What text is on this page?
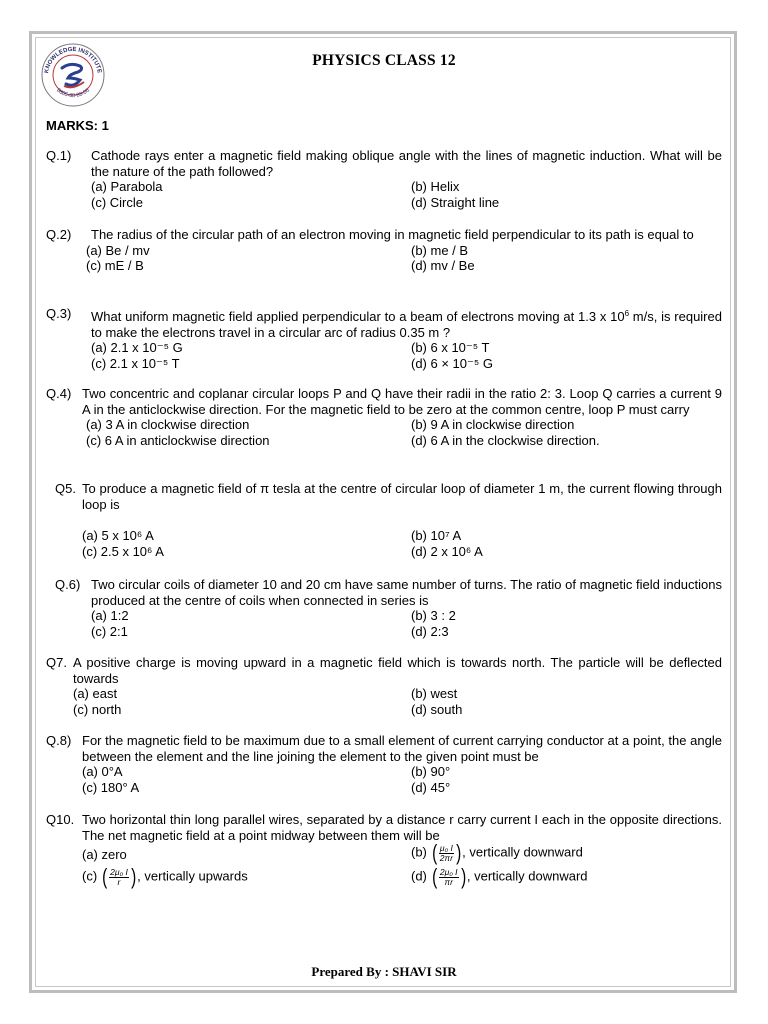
KNOWLEDGE INSTITUTE
8805-88-88-06
PHYSICS CLASS 12
MARKS: 1
Q.1) Cathode rays enter a magnetic field making oblique angle with the lines of magnetic induction. What will be the nature of the path followed?
(a) Parabola	(b) Helix
(c) Circle	(d) Straight line
Q.2) The radius of the circular path of an electron moving in magnetic field perpendicular to its path is equal to
(a) Be / mv	(b) me / B
(c) mE / B	(d) mv / Be
Q.3) What uniform magnetic field applied perpendicular to a beam of electrons moving at 1.3 x $10^6$ m/s, is required to make the electrons travel in a circular arc of radius 0.35 m ?
(a) 2.1 x 10⁻⁵ G	(b) 6 x 10⁻⁵ T
(c) 2.1 x 10⁻⁵ T	(d) 6 × 10⁻⁵ G
Q.4) Two concentric and coplanar circular loops P and Q have their radii in the ratio 2: 3. Loop Q carries a current 9 A in the anticlockwise direction. For the magnetic field to be zero at the common centre, loop P must carry
(a) 3 A in clockwise direction	(b) 9 A in clockwise direction
(c) 6 A in anticlockwise direction	(d) 6 A in the clockwise direction.
Q5. To produce a magnetic field of π tesla at the centre of circular loop of diameter 1 m, the current flowing through loop is
(a) 5 x 10⁶ A	(b) 10⁷ A
(c) 2.5 x 10⁶ A	(d) 2 x 10⁶ A
Q.6) Two circular coils of diameter 10 and 20 cm have same number of turns. The ratio of magnetic field inductions produced at the centre of coils when connected in series is
(a) 1:2	(b) 3 : 2
(c) 2:1	(d) 2:3
Q7. A positive charge is moving upward in a magnetic field which is towards north. The particle will be deflected towards
(a) east	(b) west
(c) north	(d) south
Q.8) For the magnetic field to be maximum due to a small element of current carrying conductor at a point, the angle between the element and the line joining the element to the given point must be
(a) 0°A	(b) 90°
(c) 180° A	(d) 45°
Q10. Two horizontal thin long parallel wires, separated by a distance r carry current I each in the opposite directions. The net magnetic field at a point midway between them will be
(a) zero	(b) ( $\frac{\text{μ₀ I}}{2\pi r}$ ), vertically downward
(c) ( $\frac{\text{2μ₀ I}}{r}$ ), vertically upwards	(d) ( $\frac{\text{2μ₀ I}}{\pi r}$ ), vertically downward
Prepared By : SHAVI SIR
